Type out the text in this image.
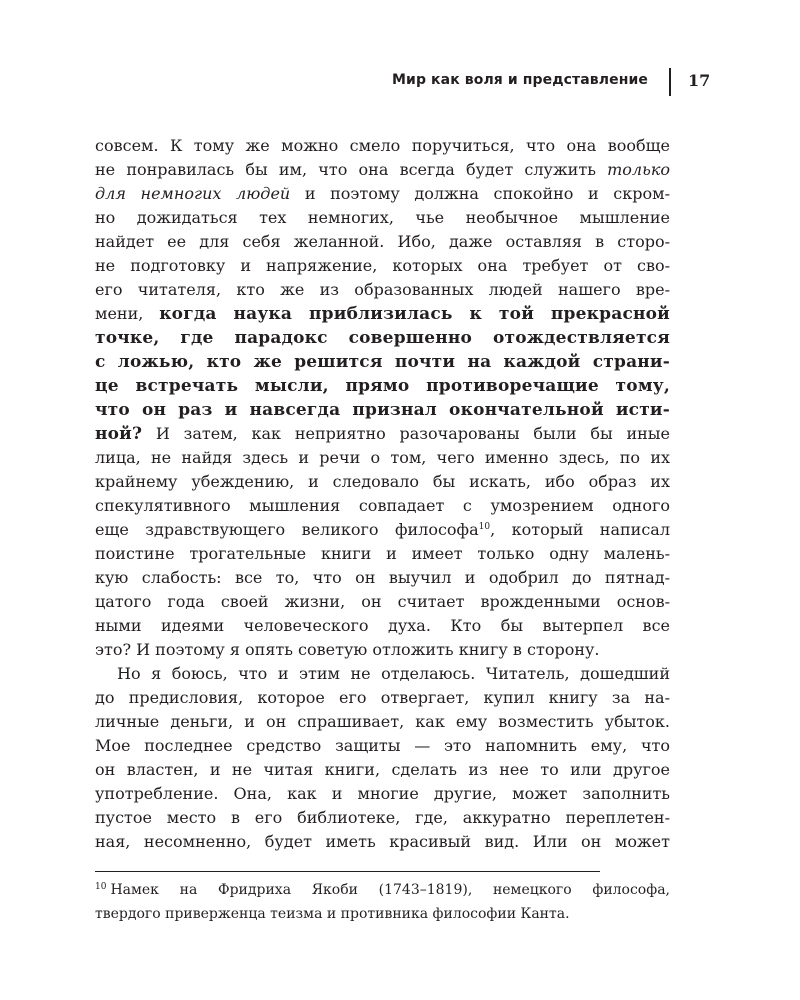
Мир как воля и представление	17
совсем. К тому же можно смело поручиться, что она вообще
не понравилась бы им, что она всегда будет служить только
для немногих людей и поэтому должна спокойно и скром-
но дожидаться тех немногих, чье необычное мышление
найдет ее для себя желанной. Ибо, даже оставляя в сторо-
не подготовку и напряжение, которых она требует от сво-
его читателя, кто же из образованных людей нашего вре-
мени, когда наука приблизилась к той прекрасной
точке, где парадокс совершенно отождествляется
с ложью, кто же решится почти на каждой страни-
це встречать мысли, прямо противоречащие тому,
что он раз и навсегда признал окончательной исти-
ной? И затем, как неприятно разочарованы были бы иные
лица, не найдя здесь и речи о том, чего именно здесь, по их
крайнему убеждению, и следовало бы искать, ибо образ их
спекулятивного мышления совпадает с умозрением одного
еще здравствующего великого философа$^{10}$, который написал
поистине трогательные книги и имеет только одну малень-
кую слабость: все то, что он выучил и одобрил до пятнад-
цатого года своей жизни, он считает врожденными основ-
ными идеями человеческого духа. Кто бы вытерпел все
это? И поэтому я опять советую отложить книгу в сторону.
Но я боюсь, что и этим не отделаюсь. Читатель, дошедший
до предисловия, которое его отвергает, купил книгу за на-
личные деньги, и он спрашивает, как ему возместить убыток.
Мое последнее средство защиты — это напомнить ему, что
он властен, и не читая книги, сделать из нее то или другое
употребление. Она, как и многие другие, может заполнить
пустое место в его библиотеке, где, аккуратно переплетен-
ная, несомненно, будет иметь красивый вид. Или он может
$^{10}$ Намек на Фридриха Якоби (1743–1819), немецкого философа,
твердого приверженца теизма и противника философии Канта.
